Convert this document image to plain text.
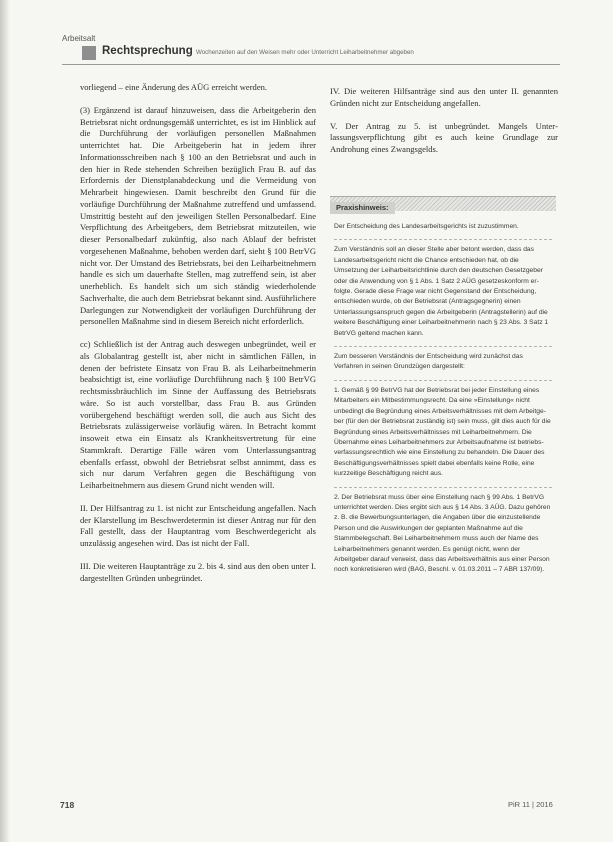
Arbeitsalt
Rechtsprechung Wochenzeiten auf den Weisen mehr oder Unterricht Leiharbeitnehmer abgeben

vorliegend – eine Änderung des AÜG erreicht werden.

(3) Ergänzend ist darauf hinzuweisen, dass die Arbeitgeberin den Betriebsrat nicht ordnungsgemäß unterrichtet, es ist im Hinblick auf die Durchführung der vorläufigen personellen Maßnahmen unterrichtet hat. Die Arbeitgeberin hat in jedem ihrer Informationsschreiben nach § 100 an den Betriebsrat und auch in den hier in Rede stehenden Schreiben bezüglich Frau B. auf das Erfordernis der Dienstplanabdeckung und die Vermeidung von Mehrarbeit hingewiesen. Damit beschreibt den Grund für die vorläufige Durchführung der Maßnahme zutreffend und umfassend. Umstrittig besteht auf den jeweiligen Stellen Personalbedarf. Eine Verpflichtung des Arbeitgebers, dem Betriebsrat mitzuteilen, wie dieser Personalbedarf zukünftig, also nach Ablauf der befristet vorgesehenen Maßnahme, behoben werden darf, sieht § 100 BetrVG nicht vor. Der Umstand des Betriebsrats, bei den Leiharbeitnehmern handle es sich um dauerhafte Stellen, mag zutreffend sein, ist aber unerheblich. Es handelt sich um sich ständig wiederholende Sachverhalte, die auch dem Betriebsrat bekannt sind. Ausführlichere Darlegungen zur Notwendigkeit der vorläufigen Durchführung der personellen Maßnahme sind in diesem Bereich nicht erforderlich.

cc) Schließlich ist der Antrag auch deswegen unbegründet, weil er als Globalantrag gestellt ist, aber nicht in sämtlichen Fällen, in denen der befristete Einsatz von Frau B. als Leiharbeitnehmerin beabsichtigt ist, eine vorläufige Durchführung nach § 100 BetrVG rechtsmissbräuchlich im Sinne der Auffassung des Betriebsrats wäre. So ist auch vorstellbar, dass Frau B. aus Gründen vorübergehend beschäftigt werden soll, die auch aus Sicht des Betriebsrats zulässigerweise vorläufig wären. In Betracht kommt insoweit etwa ein Einsatz als Krankheitsvertretung für eine Stammkraft. Derartige Fälle wären vom Unterlassungsantrag ebenfalls erfasst, obwohl der Betriebsrat selbst annimmt, dass es sich nur darum Verfahren gegen die Beschäftigung von Leiharbeitnehmern aus diesem Grund nicht wenden will.

II. Der Hilfsantrag zu 1. ist nicht zur Entscheidung angefallen. Nach der Klarstellung im Beschwerdetermin ist dieser Antrag nur für den Fall gestellt, dass der Hauptantrag vom Beschwerdegericht als unzulässig angesehen wird. Das ist nicht der Fall.

III. Die weiteren Hauptanträge zu 2. bis 4. sind aus den oben unter I. dargestellten Gründen unbegründet.

IV. Die weiteren Hilfsanträge sind aus den unter II. genannten Gründen nicht zur Entscheidung angefallen.

V. Der Antrag zu 5. ist unbegründet. Mangels Unterlassungsverpflichtung gibt es auch keine Grundlage zur Androhung eines Zwangsgelds.

Praxishinweis:

Der Entscheidung des Landesarbeitsgerichts ist zuzustimmen.

Zum Verständnis soll an dieser Stelle aber betont werden, dass das Landesarbeitsgericht nicht die Chance entschieden hat, ob die Umsetzung der Leiharbeitsrichtlinie durch den deutschen Gesetzgeber oder die Anwendung von § 1 Abs. 1 Satz 2 AÜG gesetzeskonform erfolgte. Gerade diese Frage war nicht Gegenstand der Entscheidung, entschieden wurde, ob der Betriebsrat (Antragsgegnerin) einen Unterlassungsanspruch gegen die Arbeitgeberin (Antragstellerin) auf die weitere Beschäftigung einer Leiharbeitnehmerin nach § 23 Abs. 3 Satz 1 BetrVG geltend machen kann.

Zum besseren Verständnis der Entscheidung wird zunächst das Verfahren in seinen Grundzügen dargestellt:

1. Gemäß § 99 BetrVG hat der Betriebsrat bei jeder Einstellung eines Mitarbeiters ein Mitbestimmungsrecht. Da eine »Einstellung« nicht unbedingt die Begründung eines Arbeitsverhältnisses mit dem Arbeitgeber (für den der Betriebsrat zuständig ist) sein muss, gilt dies auch für die Begründung eines Arbeitsverhältnisses mit Leiharbeitnehmern. Die Übernahme eines Leiharbeitnehmers zur Arbeitsaufnahme ist betriebsverfassungsrechtlich wie eine Einstellung zu behandeln. Die Dauer des Beschäftigungsverhältnisses spielt dabei ebenfalls keine Rolle, eine kurzzeitige Beschäftigung reicht aus.

2. Der Betriebsrat muss über eine Einstellung nach § 99 Abs. 1 BetrVG unterrichtet werden. Dies ergibt sich aus § 14 Abs. 3 AÜG. Dazu gehören z. B. die Bewerbungsunterlagen, die Angaben über die einzustellende Person und die Auswirkungen der geplanten Maßnahme auf die Stammbelegschaft. Bei Leiharbeitnehmern muss auch der Name des Leiharbeitnehmers genannt werden. Es genügt nicht, wenn der Arbeitgeber darauf verweist, dass das Arbeitsverhältnis aus einer Person noch konkretisieren wird (BAG, Beschl. v. 01.03.2011 – 7 ABR 137/09).

718	PiR 11 | 2016
